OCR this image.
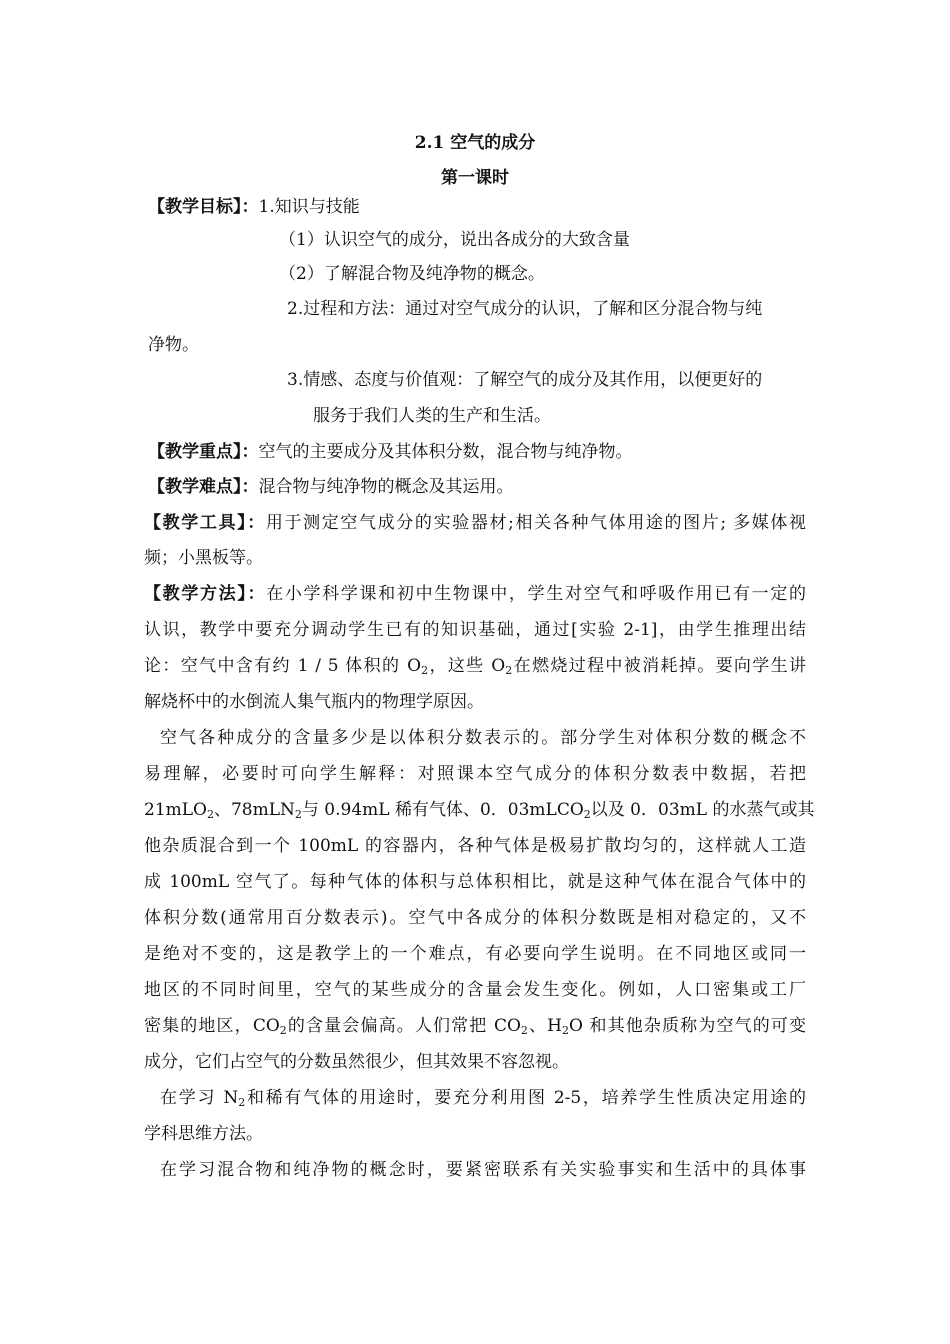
2.1 空气的成分
第一课时
【教学目标】：1.知识与技能
（1）认识空气的成分，说出各成分的大致含量
（2）了解混合物及纯净物的概念。
2.过程和方法：通过对空气成分的认识，了解和区分混合物与纯
净物。
3.情感、态度与价值观：了解空气的成分及其作用，以便更好的
服务于我们人类的生产和生活。
【教学重点】：空气的主要成分及其体积分数，混合物与纯净物。
【教学难点】：混合物与纯净物的概念及其运用。
【教学工具】：用于测定空气成分的实验器材;相关各种气体用途的图片; 多媒体视
频；小黑板等。
【教学方法】：在小学科学课和初中生物课中，学生对空气和呼吸作用已有一定的
认识，教学中要充分调动学生已有的知识基础，通过[实验 2-1]，由学生推理出结
论：空气中含有约 1 / 5 体积的 $O_2$，这些 $O_2$在燃烧过程中被消耗掉。要向学生讲
解烧杯中的水倒流人集气瓶内的物理学原因。
空气各种成分的含量多少是以体积分数表示的。部分学生对体积分数的概念不
易理解，必要时可向学生解释：对照课本空气成分的体积分数表中数据，若把
21mLO$_2$、78mLN$_2$与 0.94mL 稀有气体、0．03mLCO$_2$以及 0．03mL 的水蒸气或其
他杂质混合到一个 100mL 的容器内，各种气体是极易扩散均匀的，这样就人工造
成 100mL 空气了。每种气体的体积与总体积相比，就是这种气体在混合气体中的
体积分数(通常用百分数表示)。空气中各成分的体积分数既是相对稳定的，又不
是绝对不变的，这是教学上的一个难点，有必要向学生说明。在不同地区或同一
地区的不同时间里，空气的某些成分的含量会发生变化。例如，人口密集或工厂
密集的地区，$CO_2$的含量会偏高。人们常把 $CO_2$、$H_2O$ 和其他杂质称为空气的可变
成分，它们占空气的分数虽然很少，但其效果不容忽视。
在学习 $N_2$和稀有气体的用途时，要充分利用图 2-5，培养学生性质决定用途的
学科思维方法。
在学习混合物和纯净物的概念时，要紧密联系有关实验事实和生活中的具体事
